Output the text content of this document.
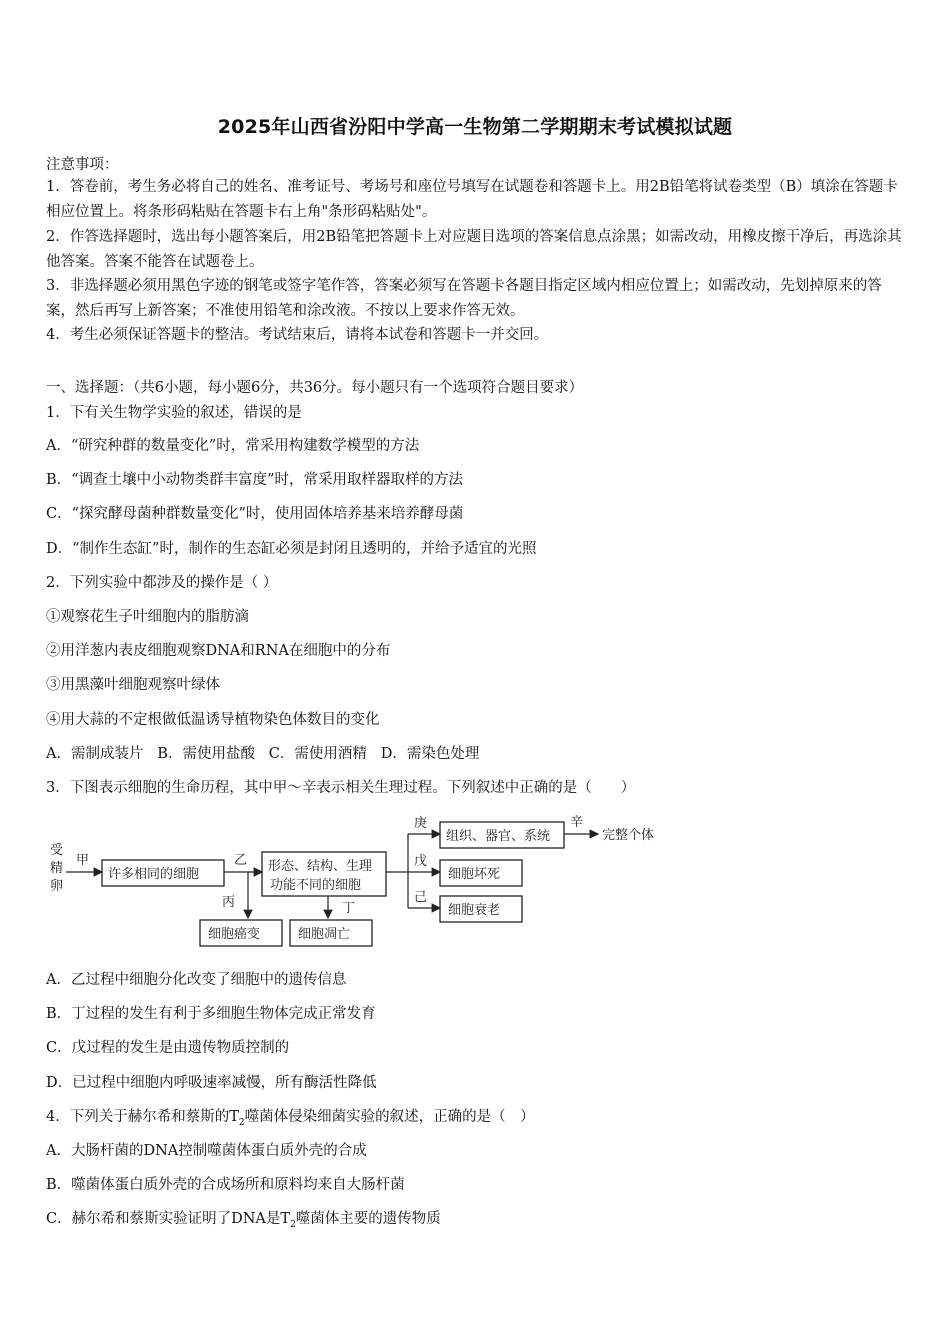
2025年山西省汾阳中学高一生物第二学期期末考试模拟试题
注意事项：
1．答卷前，考生务必将自己的姓名、准考证号、考场号和座位号填写在试题卷和答题卡上。用2B铅笔将试卷类型（B）填涂在答题卡相应位置上。将条形码粘贴在答题卡右上角"条形码粘贴处"。
2．作答选择题时，选出每小题答案后，用2B铅笔把答题卡上对应题目选项的答案信息点涂黑；如需改动，用橡皮擦干净后，再选涂其他答案。答案不能答在试题卷上。
3．非选择题必须用黑色字迹的钢笔或签字笔作答，答案必须写在答题卡各题目指定区域内相应位置上；如需改动，先划掉原来的答案，然后再写上新答案；不准使用铅笔和涂改液。不按以上要求作答无效。
4．考生必须保证答题卡的整洁。考试结束后，请将本试卷和答题卡一并交回。
一、选择题：（共6小题，每小题6分，共36分。每小题只有一个选项符合题目要求）
1．下有关生物学实验的叙述，错误的是
A．“研究种群的数量变化”时，常采用构建数学模型的方法
B．“调查土壤中小动物类群丰富度”时，常采用取样器取样的方法
C．“探究酵母菌种群数量变化”时，使用固体培养基来培养酵母菌
D．“制作生态缸”时，制作的生态缸必须是封闭且透明的，并给予适宜的光照
2．下列实验中都涉及的操作是（ ）
①观察花生子叶细胞内的脂肪滴
②用洋葱内表皮细胞观察DNA和RNA在细胞中的分布
③用黑藻叶细胞观察叶绿体
④用大蒜的不定根做低温诱导植物染色体数目的变化
A．需制成装片   B．需使用盐酸   C．需使用酒精   D．需染色处理
3．下图表示细胞的生命历程，其中甲～辛表示相关生理过程。下列叙述中正确的是（　　）
受
精
卵
甲
许多相同的细胞
乙 形态、结构、生理
功能不同的细胞
丙	丁
细胞癌变	细胞凋亡
庚
戊
己
组织、器官、系统
细胞坏死
细胞衰老
辛
完整个体
A．乙过程中细胞分化改变了细胞中的遗传信息
B．丁过程的发生有利于多细胞生物体完成正常发育
C．戊过程的发生是由遗传物质控制的
D．已过程中细胞内呼吸速率减慢，所有酶活性降低
4．下列关于赫尔希和蔡斯的$T_2$噬菌体侵染细菌实验的叙述，正确的是（　）
A．大肠杆菌的DNA控制噬菌体蛋白质外壳的合成
B．噬菌体蛋白质外壳的合成场所和原料均来自大肠杆菌
C．赫尔希和蔡斯实验证明了DNA是$T_2$噬菌体主要的遗传物质
